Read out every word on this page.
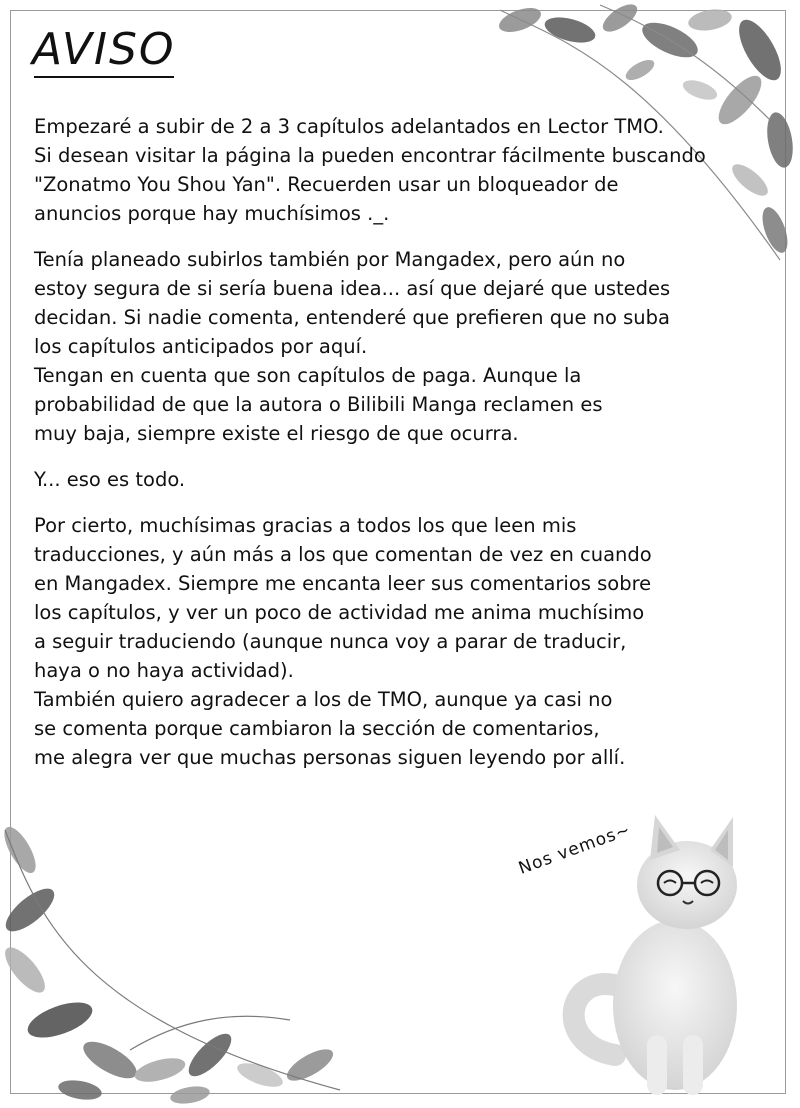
AVISO

Empezaré a subir de 2 a 3 capítulos adelantados en Lector TMO.
Si desean visitar la página la pueden encontrar fácilmente buscando
"Zonatmo You Shou Yan". Recuerden usar un bloqueador de
anuncios porque hay muchísimos ._.

Tenía planeado subirlos también por Mangadex, pero aún no
estoy segura de si sería buena idea... así que dejaré que ustedes
decidan. Si nadie comenta, entenderé que prefieren que no suba
los capítulos anticipados por aquí.
Tengan en cuenta que son capítulos de paga. Aunque la
probabilidad de que la autora o Bilibili Manga reclamen es
muy baja, siempre existe el riesgo de que ocurra.

Y... eso es todo.

Por cierto, muchísimas gracias a todos los que leen mis
traducciones, y aún más a los que comentan de vez en cuando
en Mangadex. Siempre me encanta leer sus comentarios sobre
los capítulos, y ver un poco de actividad me anima muchísimo
a seguir traduciendo (aunque nunca voy a parar de traducir,
haya o no haya actividad).
También quiero agradecer a los de TMO, aunque ya casi no
se comenta porque cambiaron la sección de comentarios,
me alegra ver que muchas personas siguen leyendo por allí.

Nos vemos~
